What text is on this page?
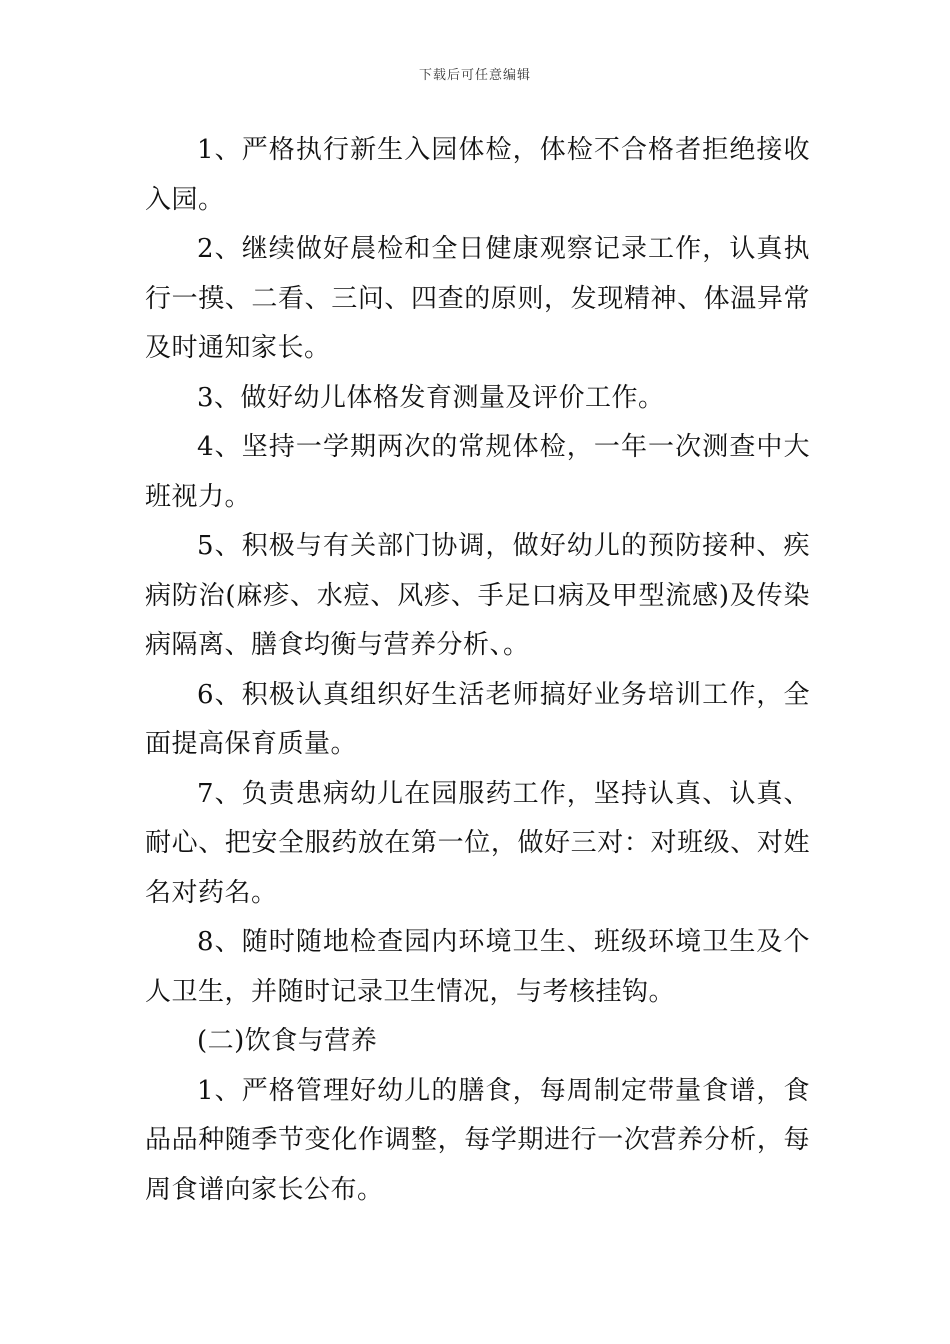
下载后可任意编辑

1、严格执行新生入园体检，体检不合格者拒绝接收入园。

2、继续做好晨检和全日健康观察记录工作，认真执行一摸、二看、三问、四查的原则，发现精神、体温异常及时通知家长。

3、做好幼儿体格发育测量及评价工作。

4、坚持一学期两次的常规体检，一年一次测查中大班视力。

5、积极与有关部门协调，做好幼儿的预防接种、疾病防治(麻疹、水痘、风疹、手足口病及甲型流感)及传染病隔离、膳食均衡与营养分析、。

6、积极认真组织好生活老师搞好业务培训工作，全面提高保育质量。

7、负责患病幼儿在园服药工作，坚持认真、认真、耐心、把安全服药放在第一位，做好三对：对班级、对姓名对药名。

8、随时随地检查园内环境卫生、班级环境卫生及个人卫生，并随时记录卫生情况，与考核挂钩。

(二)饮食与营养

1、严格管理好幼儿的膳食，每周制定带量食谱，食品品种随季节变化作调整，每学期进行一次营养分析，每周食谱向家长公布。
